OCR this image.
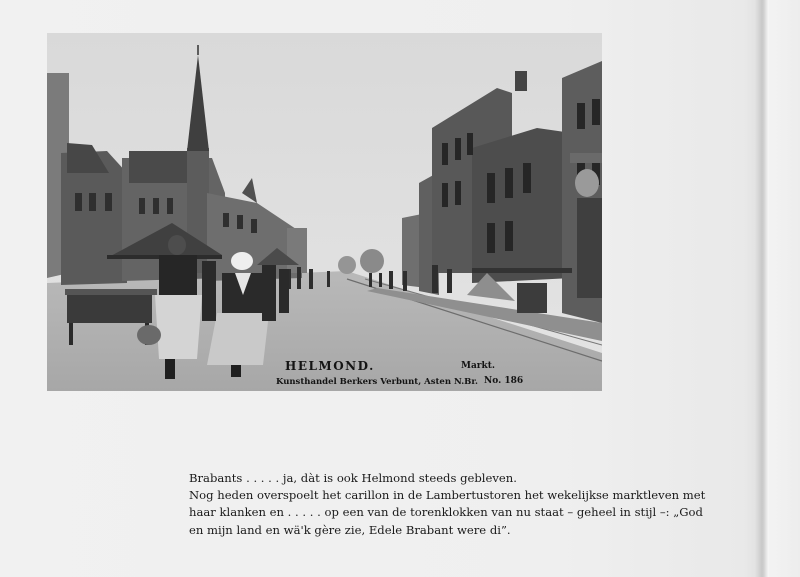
HELMOND.	Markt.
Kunsthandel Berkers Verbunt, Asten N.Br. No. 186
Brabants . . . . . ja, dàt is ook Helmond steeds gebleven.
Nog heden overspoelt het carillon in de Lambertustoren het wekelijkse marktleven met
haar klanken en . . . . . op een van de torenklokken van nu staat – geheel in stijl –: „God
en mijn land en wä'k gère zie, Edele Brabant were di”.
